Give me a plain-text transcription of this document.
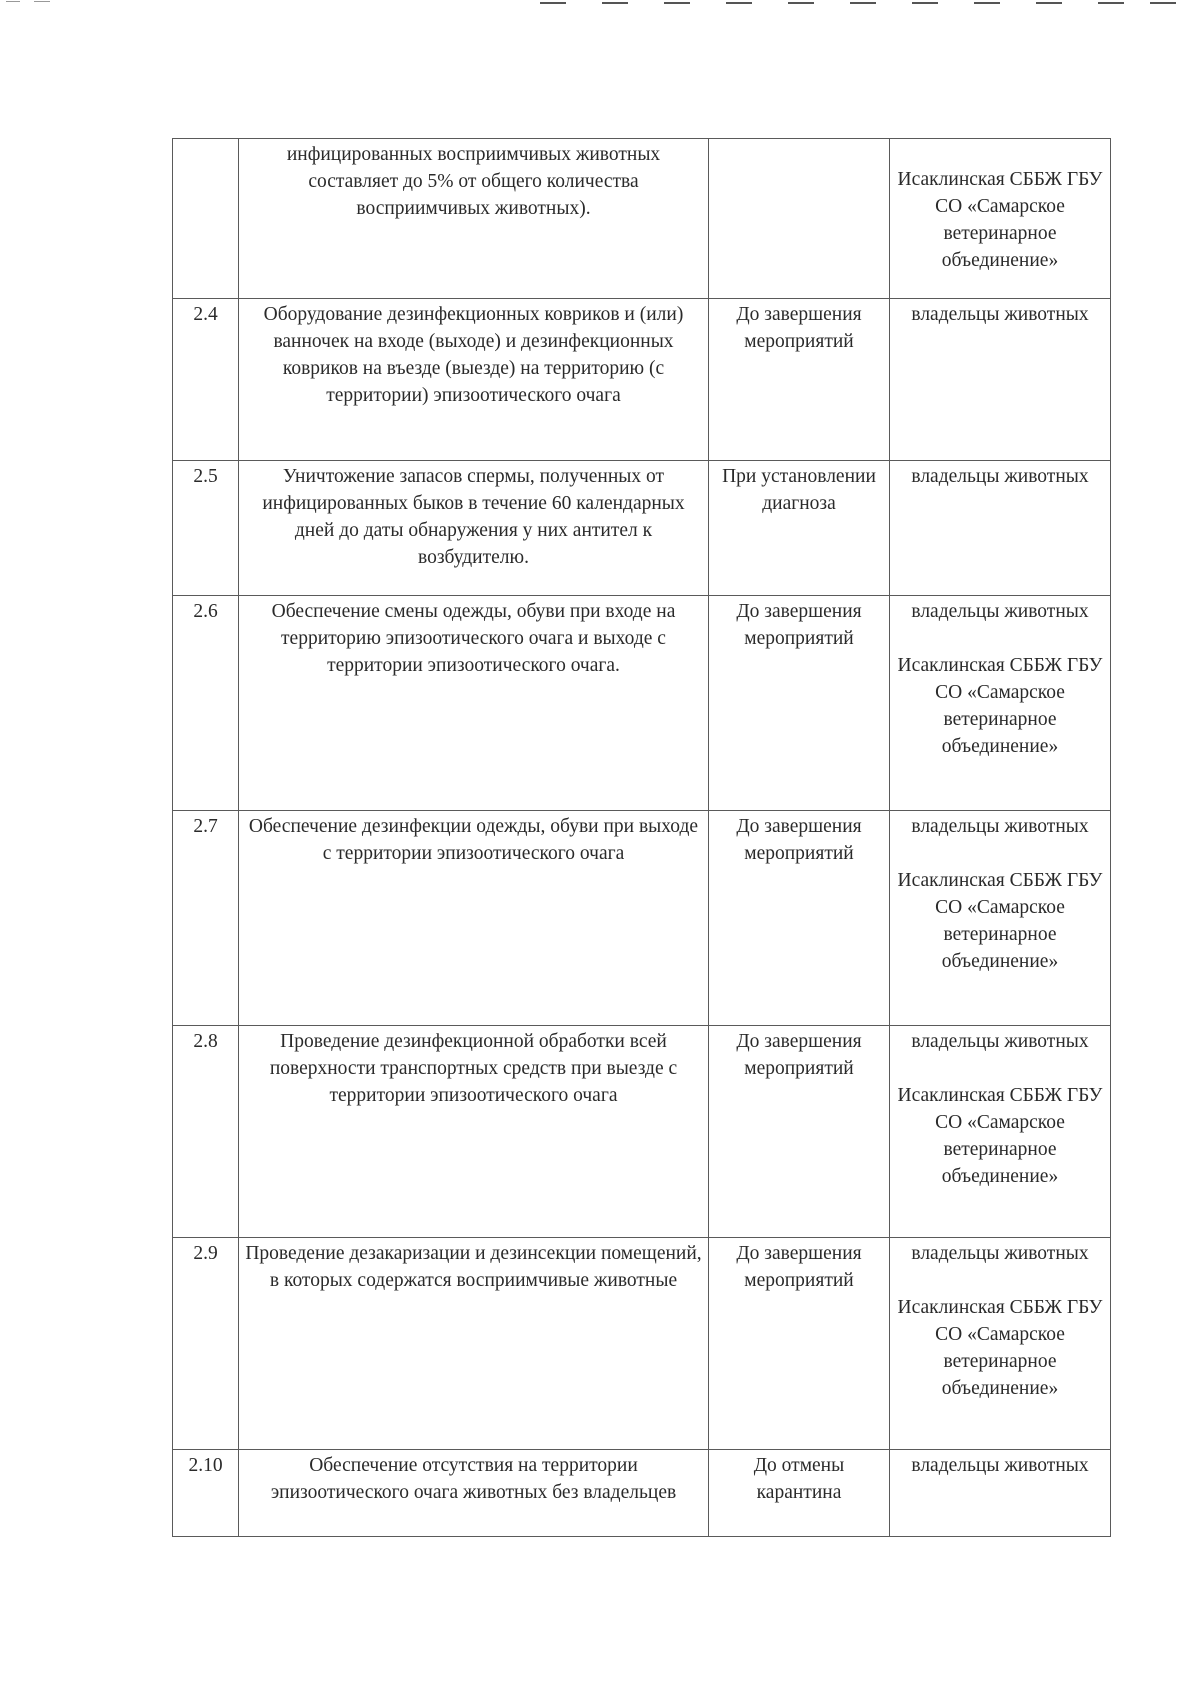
	инфицированных восприимчивых животных составляет до 5% от общего количества восприимчивых животных).		Исаклинская СББЖ ГБУ СО «Самарское ветеринарное объединение»

2.4	Оборудование дезинфекционных ковриков и (или) ванночек на входе (выходе) и дезинфекционных ковриков на въезде (выезде) на территорию (с территории) эпизоотического очага	До завершения мероприятий	владельцы животных

2.5	Уничтожение запасов спермы, полученных от инфицированных быков в течение 60 календарных дней до даты обнаружения у них антител к возбудителю.	При установлении диагноза	владельцы животных

2.6	Обеспечение смены одежды, обуви при входе на территорию эпизоотического очага и выходе с территории эпизоотического очага.	До завершения мероприятий	владельцы животных
Исаклинская СББЖ ГБУ СО «Самарское ветеринарное объединение»

2.7	Обеспечение дезинфекции одежды, обуви при выходе с территории эпизоотического очага	До завершения мероприятий	владельцы животных
Исаклинская СББЖ ГБУ СО «Самарское ветеринарное объединение»

2.8	Проведение дезинфекционной обработки всей поверхности транспортных средств при выезде с территории эпизоотического очага	До завершения мероприятий	владельцы животных
Исаклинская СББЖ ГБУ СО «Самарское ветеринарное объединение»

2.9	Проведение дезакаризации и дезинсекции помещений, в которых содержатся восприимчивые животные	До завершения мероприятий	владельцы животных
Исаклинская СББЖ ГБУ СО «Самарское ветеринарное объединение»

2.10	Обеспечение отсутствия на территории эпизоотического очага животных без владельцев	До отмены карантина	владельцы животных
